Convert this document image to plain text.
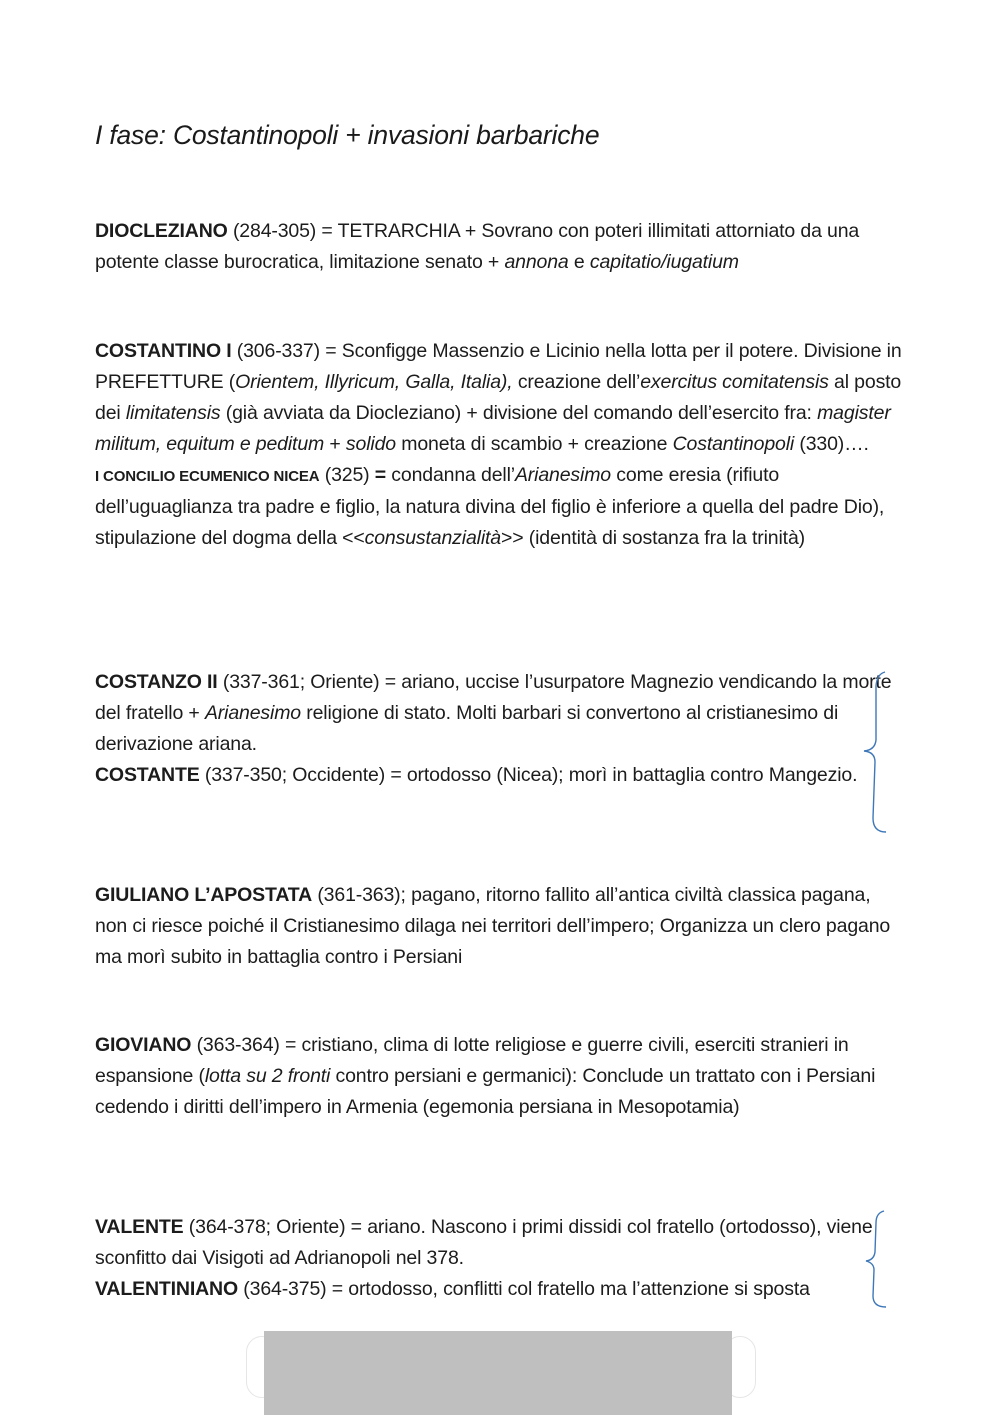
I fase: Costantinopoli + invasioni barbariche

DIOCLEZIANO (284-305) = TETRARCHIA + Sovrano con poteri illimitati attorniato da una potente classe burocratica, limitazione senato + annona e capitatio/iugatium

COSTANTINO I (306-337) = Sconfigge Massenzio e Licinio nella lotta per il potere. Divisione in PREFETTURE (Orientem, Illyricum, Galla, Italia), creazione dell’exercitus comitatensis al posto dei limitatensis (già avviata da Diocleziano) + divisione del comando dell’esercito fra: magister militum, equitum e peditum + solido moneta di scambio + creazione Costantinopoli (330)….
I CONCILIO ECUMENICO NICEA (325) = condanna dell’Arianesimo come eresia (rifiuto dell’uguaglianza tra padre e figlio, la natura divina del figlio è inferiore a quella del padre Dio), stipulazione del dogma della <<consustanzialità>> (identità di sostanza fra la trinità)

COSTANZO II (337-361; Oriente) = ariano, uccise l’usurpatore Magnezio vendicando la morte del fratello + Arianesimo religione di stato. Molti barbari si convertono al cristianesimo di derivazione ariana.
COSTANTE (337-350; Occidente) = ortodosso (Nicea); morì in battaglia contro Mangezio.

GIULIANO L’APOSTATA (361-363); pagano, ritorno fallito all’antica civiltà classica pagana, non ci riesce poiché il Cristianesimo dilaga nei territori dell’impero; Organizza un clero pagano ma morì subito in battaglia contro i Persiani

GIOVIANO (363-364) = cristiano, clima di lotte religiose e guerre civili, eserciti stranieri in espansione (lotta su 2 fronti contro persiani e germanici): Conclude un trattato con i Persiani cedendo i diritti dell’impero in Armenia (egemonia persiana in Mesopotamia)

VALENTE (364-378; Oriente) = ariano. Nascono i primi dissidi col fratello (ortodosso), viene sconfitto dai Visigoti ad Adrianopoli nel 378.
VALENTINIANO (364-375) = ortodosso, conflitti col fratello ma l’attenzione si sposta
